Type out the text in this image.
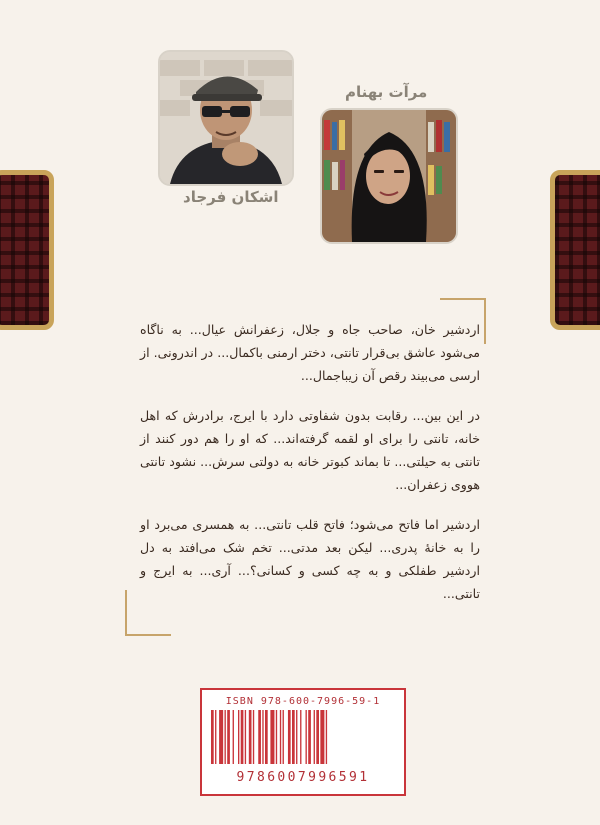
اشکان فرجاد
مرآت بهنام

اردشیر خان، صاحب جاه و جلال، زعفرانش عیال... به ناگاه می‌شود عاشق بی‌قرار تانتی، دختر ارمنی باکمال... در اندرونی. از ارسی می‌بیند رقص آن زیباجمال...

در این بین... رقابت بدون شفاوتی دارد با ایرج، برادرش که اهل خانه، تانتی را برای او لقمه گرفته‌اند... که او را هم دور کنند از تانتی به حیلتی... تا بماند کبوتر خانه به دولتی سرش... نشود تانتی هووی زعفران...

اردشیر اما فاتح می‌شود؛ فاتح قلب تانتی... به همسری می‌برد او را به خانهٔ پدری... لیکن بعد مدتی... تخم شک می‌افتد به دل اردشیر طفلکی و به چه کسی و کسانی؟... آری... به ایرج و تانتی...

ISBN 978-600-7996-59-1
9786007996591
